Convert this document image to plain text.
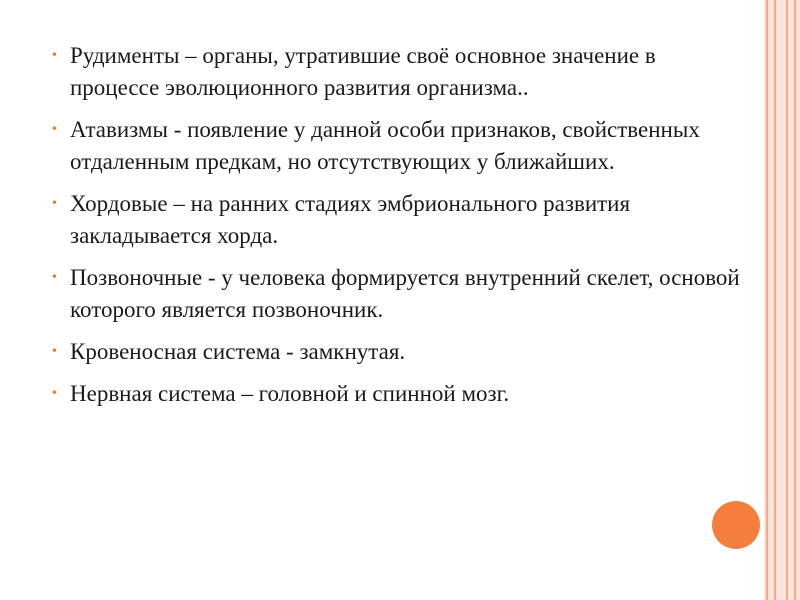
• Рудименты – органы, утратившие своё основное значение в процессе эволюционного развития организма..
• Атавизмы - появление у данной особи признаков, свойственных отдаленным предкам, но отсутствующих у ближайших.
• Хордовые – на ранних стадиях эмбрионального развития закладывается хорда.
• Позвоночные - у человека формируется внутренний скелет, основой которого является позвоночник.
• Кровеносная система - замкнутая.
• Нервная система – головной и спинной мозг.
